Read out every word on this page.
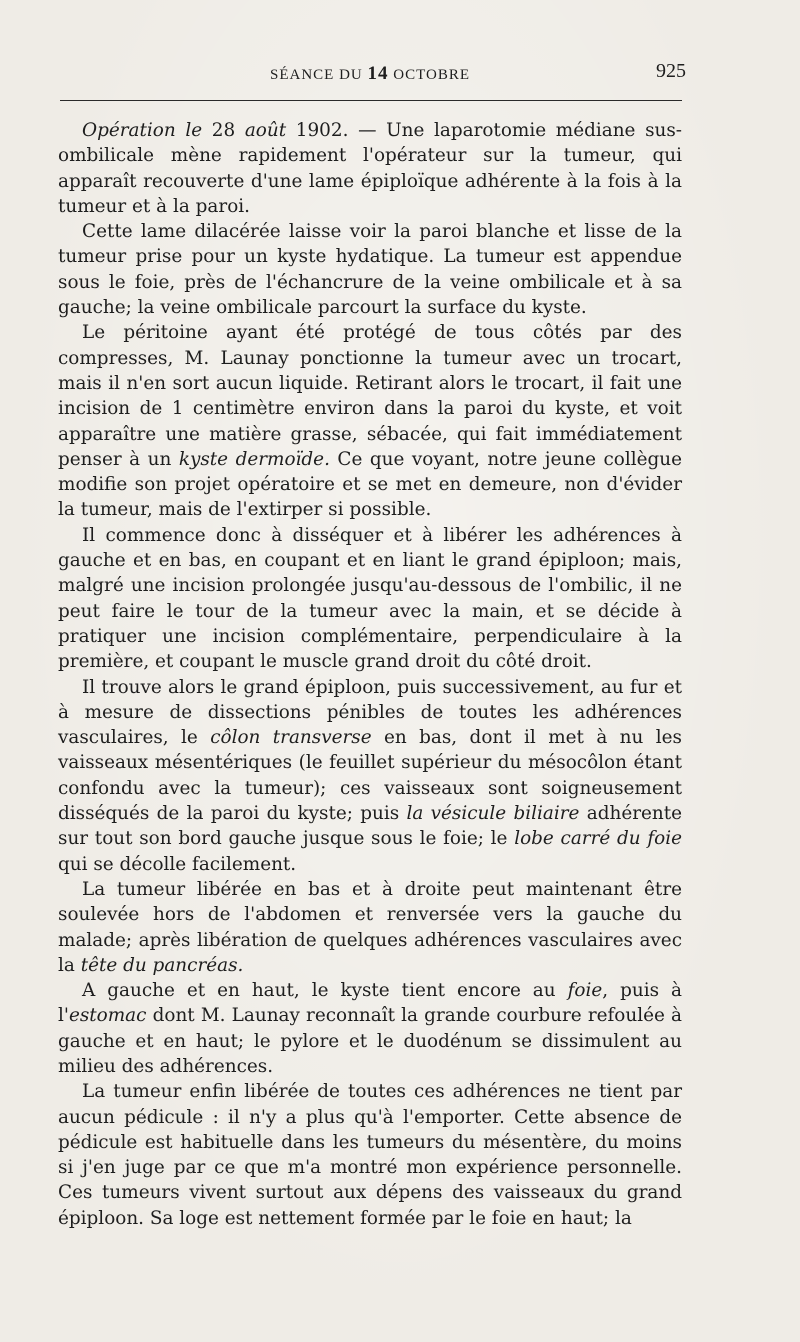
SÉANCE DU 14 OCTOBRE	925

Opération le 28 août 1902. — Une laparotomie médiane sus-ombilicale mène rapidement l'opérateur sur la tumeur, qui apparaît recouverte d'une lame épiploïque adhérente à la fois à la tumeur et à la paroi.

Cette lame dilacérée laisse voir la paroi blanche et lisse de la tumeur prise pour un kyste hydatique. La tumeur est appendue sous le foie, près de l'échancrure de la veine ombilicale et à sa gauche; la veine ombilicale parcourt la surface du kyste.

Le péritoine ayant été protégé de tous côtés par des compresses, M. Launay ponctionne la tumeur avec un trocart, mais il n'en sort aucun liquide. Retirant alors le trocart, il fait une incision de 1 centimètre environ dans la paroi du kyste, et voit apparaître une matière grasse, sébacée, qui fait immédiatement penser à un kyste dermoïde. Ce que voyant, notre jeune collègue modifie son projet opératoire et se met en demeure, non d'évider la tumeur, mais de l'extirper si possible.

Il commence donc à disséquer et à libérer les adhérences à gauche et en bas, en coupant et en liant le grand épiploon; mais, malgré une incision prolongée jusqu'au-dessous de l'ombilic, il ne peut faire le tour de la tumeur avec la main, et se décide à pratiquer une incision complémentaire, perpendiculaire à la première, et coupant le muscle grand droit du côté droit.

Il trouve alors le grand épiploon, puis successivement, au fur et à mesure de dissections pénibles de toutes les adhérences vasculaires, le côlon transverse en bas, dont il met à nu les vaisseaux mésentériques (le feuillet supérieur du mésocôlon étant confondu avec la tumeur); ces vaisseaux sont soigneusement disséqués de la paroi du kyste; puis la vésicule biliaire adhérente sur tout son bord gauche jusque sous le foie; le lobe carré du foie qui se décolle facilement.

La tumeur libérée en bas et à droite peut maintenant être soulevée hors de l'abdomen et renversée vers la gauche du malade; après libération de quelques adhérences vasculaires avec la tête du pancréas.

A gauche et en haut, le kyste tient encore au foie, puis à l'estomac dont M. Launay reconnaît la grande courbure refoulée à gauche et en haut; le pylore et le duodénum se dissimulent au milieu des adhérences.

La tumeur enfin libérée de toutes ces adhérences ne tient par aucun pédicule : il n'y a plus qu'à l'emporter. Cette absence de pédicule est habituelle dans les tumeurs du mésentère, du moins si j'en juge par ce que m'a montré mon expérience personnelle. Ces tumeurs vivent surtout aux dépens des vaisseaux du grand épiploon. Sa loge est nettement formée par le foie en haut; la
